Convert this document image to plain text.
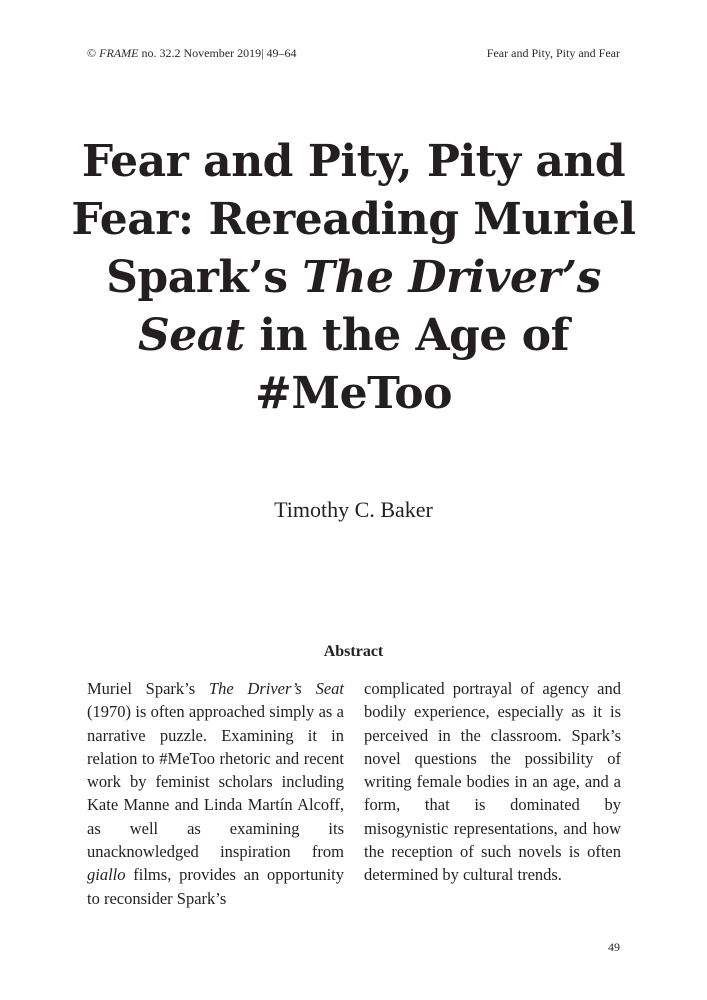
© FRAME no. 32.2 November 2019| 49–64	Fear and Pity, Pity and Fear
Fear and Pity, Pity and Fear: Rereading Muriel Spark’s The Driver’s Seat in the Age of #MeToo
Timothy C. Baker
Abstract
Muriel Spark’s The Driver’s Seat (1970) is often approached simply as a narrative puzzle. Examining it in relation to #MeToo rhetoric and recent work by feminist scholars including Kate Manne and Linda Martín Alcoff, as well as examining its unacknowledged inspiration from giallo films, provides an opportunity to reconsider Spark’s
complicated portrayal of agency and bodily experience, especially as it is perceived in the classroom. Spark’s novel questions the possibility of writing female bodies in an age, and a form, that is dominated by misogynistic representations, and how the reception of such novels is often determined by cultural trends.
49
